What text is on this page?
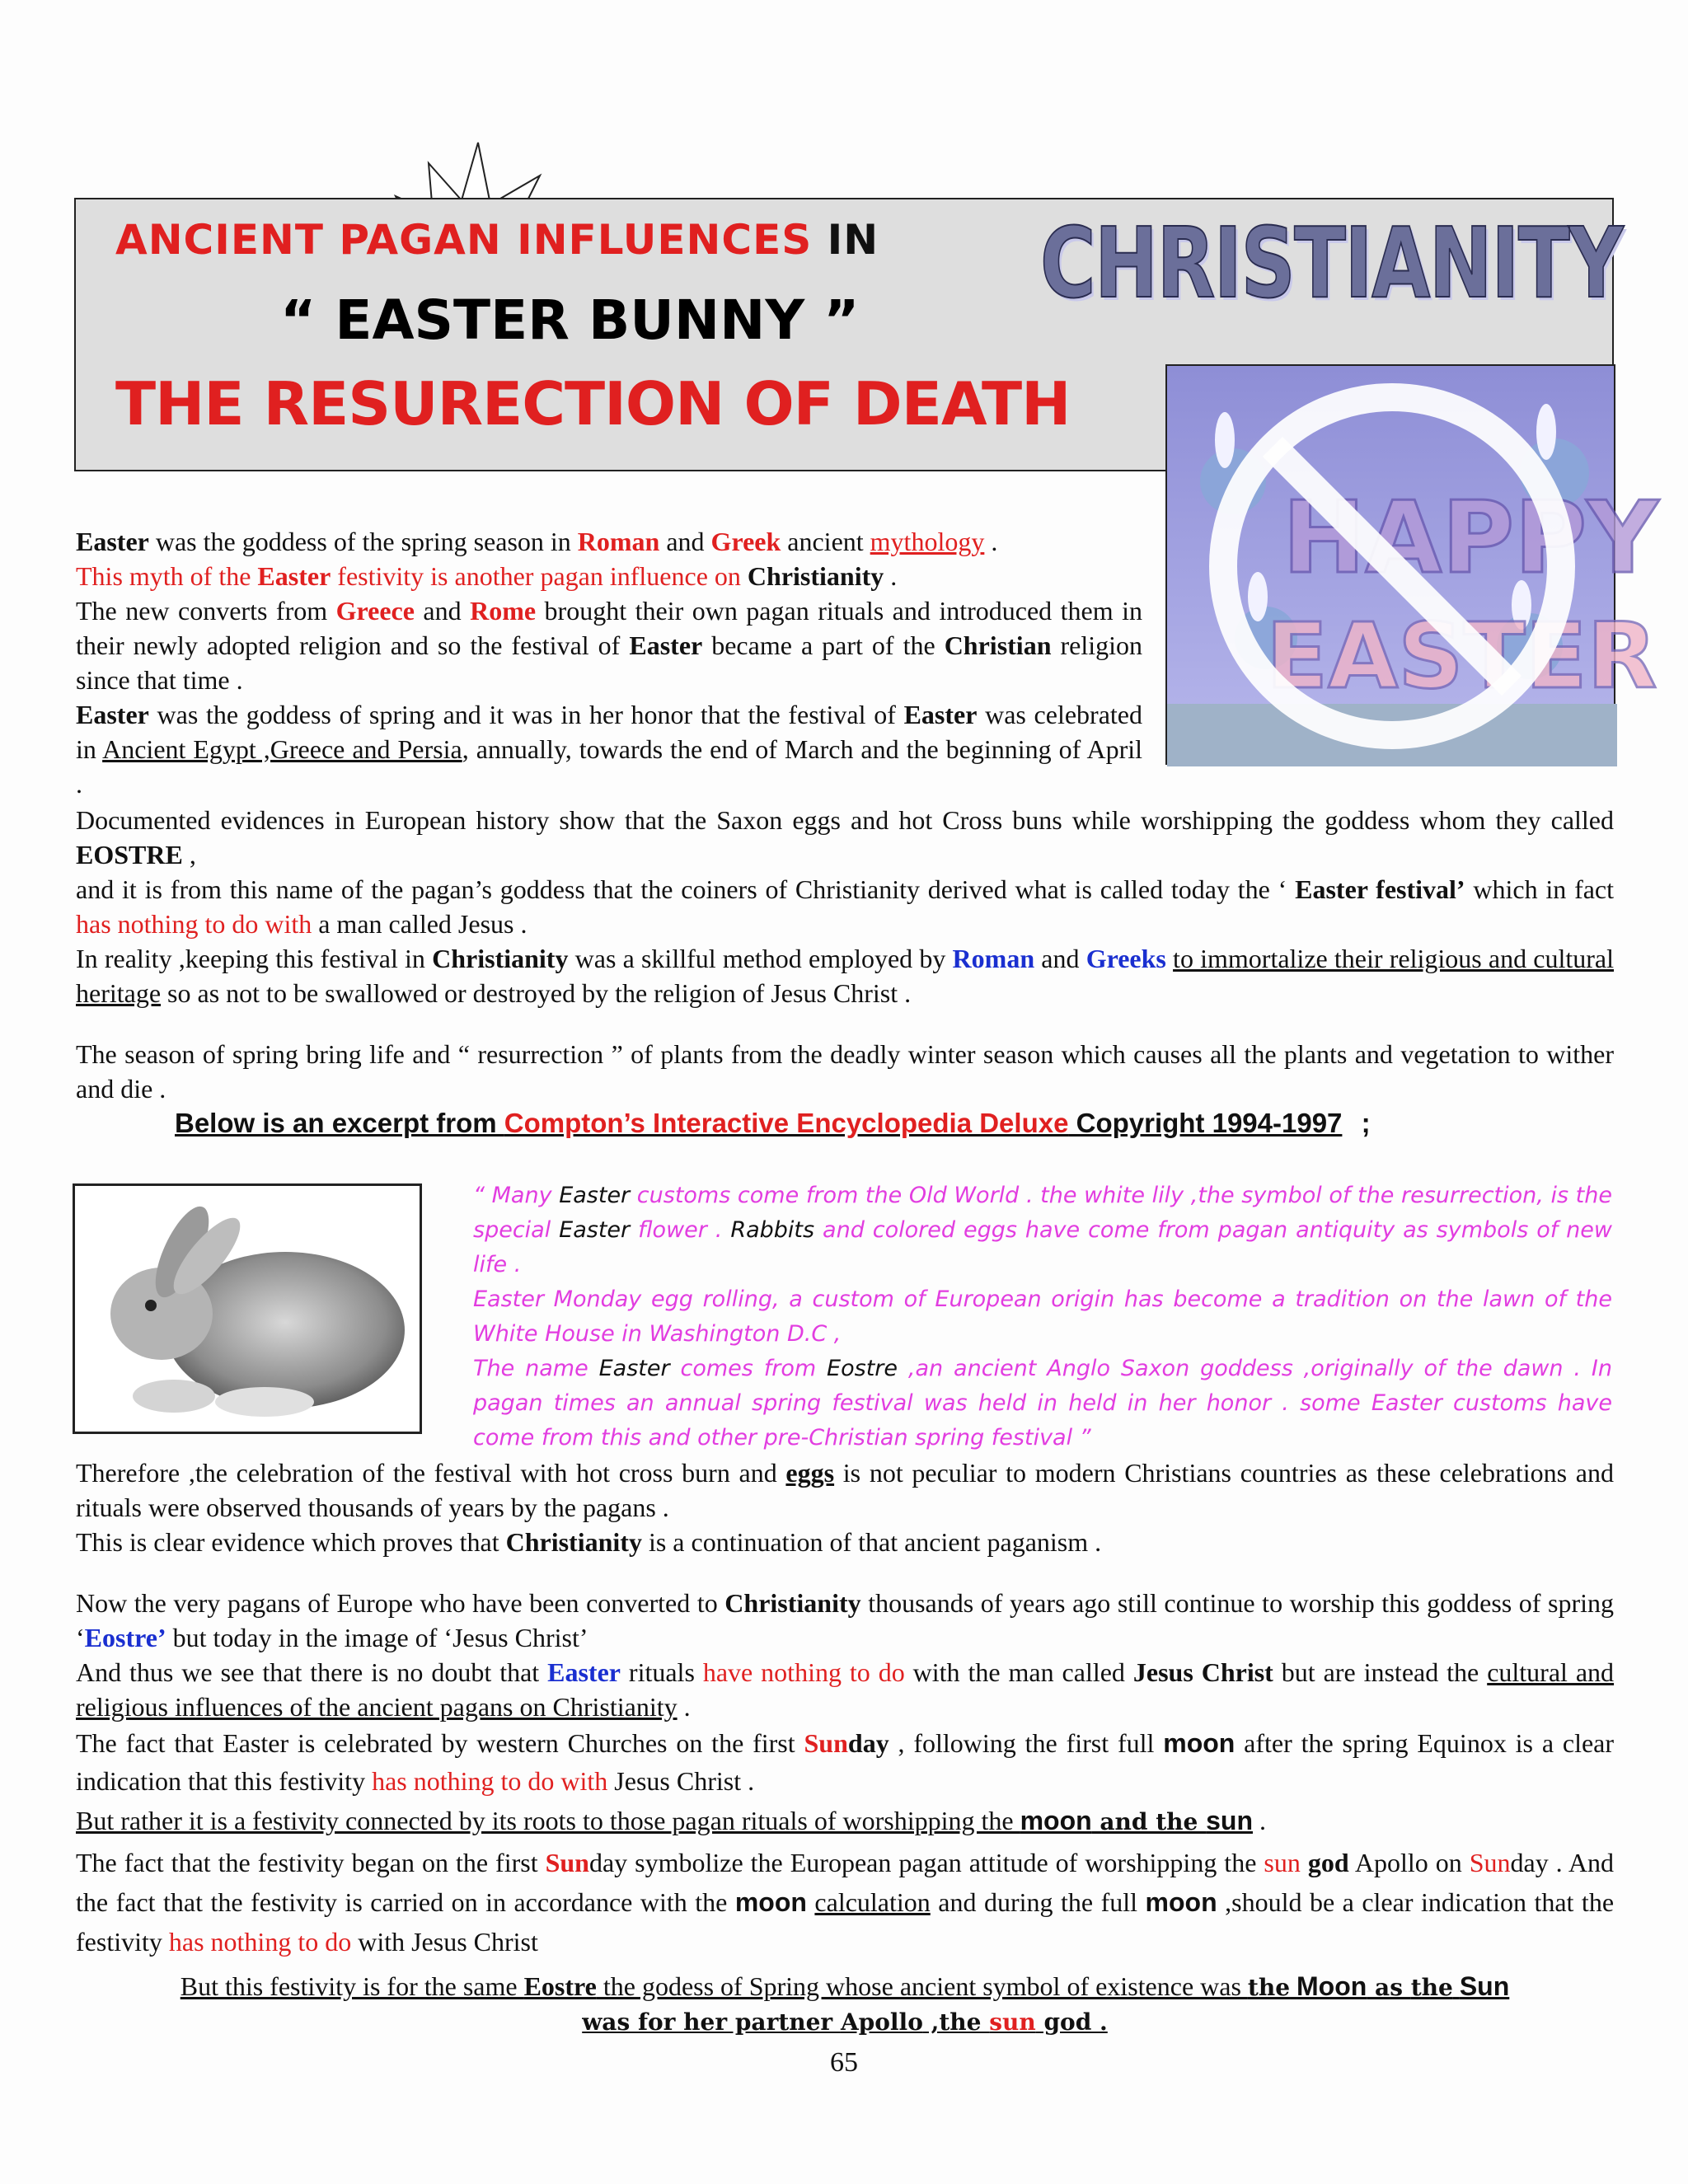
ANCIENT PAGAN INFLUENCES IN CHRISTIANITY
“ EASTER BUNNY ”
THE RESURECTION OF DEATH
HAPPY
EASTER

Easter was the goddess of the spring season in Roman and Greek ancient mythology .

This myth of the Easter festivity is another pagan influence on Christianity .

The new converts from Greece and Rome brought their own pagan rituals and introduced them in their newly adopted religion and so the festival of Easter became a part of the Christian religion since that time .

Easter was the goddess of spring and it was in her honor that the festival of Easter was celebrated in Ancient Egypt ,Greece and Persia, annually, towards the end of March and the beginning of April .

Documented evidences in European history show that the Saxon eggs and hot Cross buns while worshipping the goddess whom they called EOSTRE ,

and it is from this name of the pagan’s goddess that the coiners of Christianity derived what is called today the ‘ Easter festival’ which in fact has nothing to do with a man called Jesus .

In reality ,keeping this festival in Christianity was a skillful method employed by Roman and Greeks to immortalize their religious and cultural heritage so as not to be swallowed or destroyed by the religion of Jesus Christ .

The season of spring bring life and “ resurrection ” of plants from the deadly winter season which causes all the plants and vegetation to wither and die .

Below is an excerpt from Compton’s Interactive Encyclopedia Deluxe Copyright 1994-1997 ;
“ Many Easter customs come from the Old World . the white lily ,the symbol of the resurrection, is the special Easter flower . Rabbits and colored eggs have come from pagan antiquity as symbols of new life .
Easter Monday egg rolling, a custom of European origin has become a tradition on the lawn of the White House in Washington D.C ,
The name Easter comes from Eostre ,an ancient Anglo Saxon goddess ,originally of the dawn . In pagan times an annual spring festival was held in held in her honor . some Easter customs have come from this and other pre-Christian spring festival ”

Therefore ,the celebration of the festival with hot cross burn and eggs is not peculiar to modern Christians countries as these celebrations and rituals were observed thousands of years by the pagans .

This is clear evidence which proves that Christianity is a continuation of that ancient paganism .

Now the very pagans of Europe who have been converted to Christianity thousands of years ago still continue to worship this goddess of spring ‘Eostre’ but today in the image of ‘Jesus Christ’

And thus we see that there is no doubt that Easter rituals have nothing to do with the man called Jesus Christ but are instead the cultural and religious influences of the ancient pagans on Christianity .

The fact that Easter is celebrated by western Churches on the first Sunday , following the first full moon after the spring Equinox is a clear indication that this festivity has nothing to do with Jesus Christ .

But rather it is a festivity connected by its roots to those pagan rituals of worshipping the moon and the sun .

The fact that the festivity began on the first Sunday symbolize the European pagan attitude of worshipping the sun god Apollo on Sunday . And the fact that the festivity is carried on in accordance with the moon calculation and during the full moon ,should be a clear indication that the festivity has nothing to do with Jesus Christ

But this festivity is for the same Eostre the godess of Spring whose ancient symbol of existence was the Moon as the Sun
was for her partner Apollo ,the sun god .
65
